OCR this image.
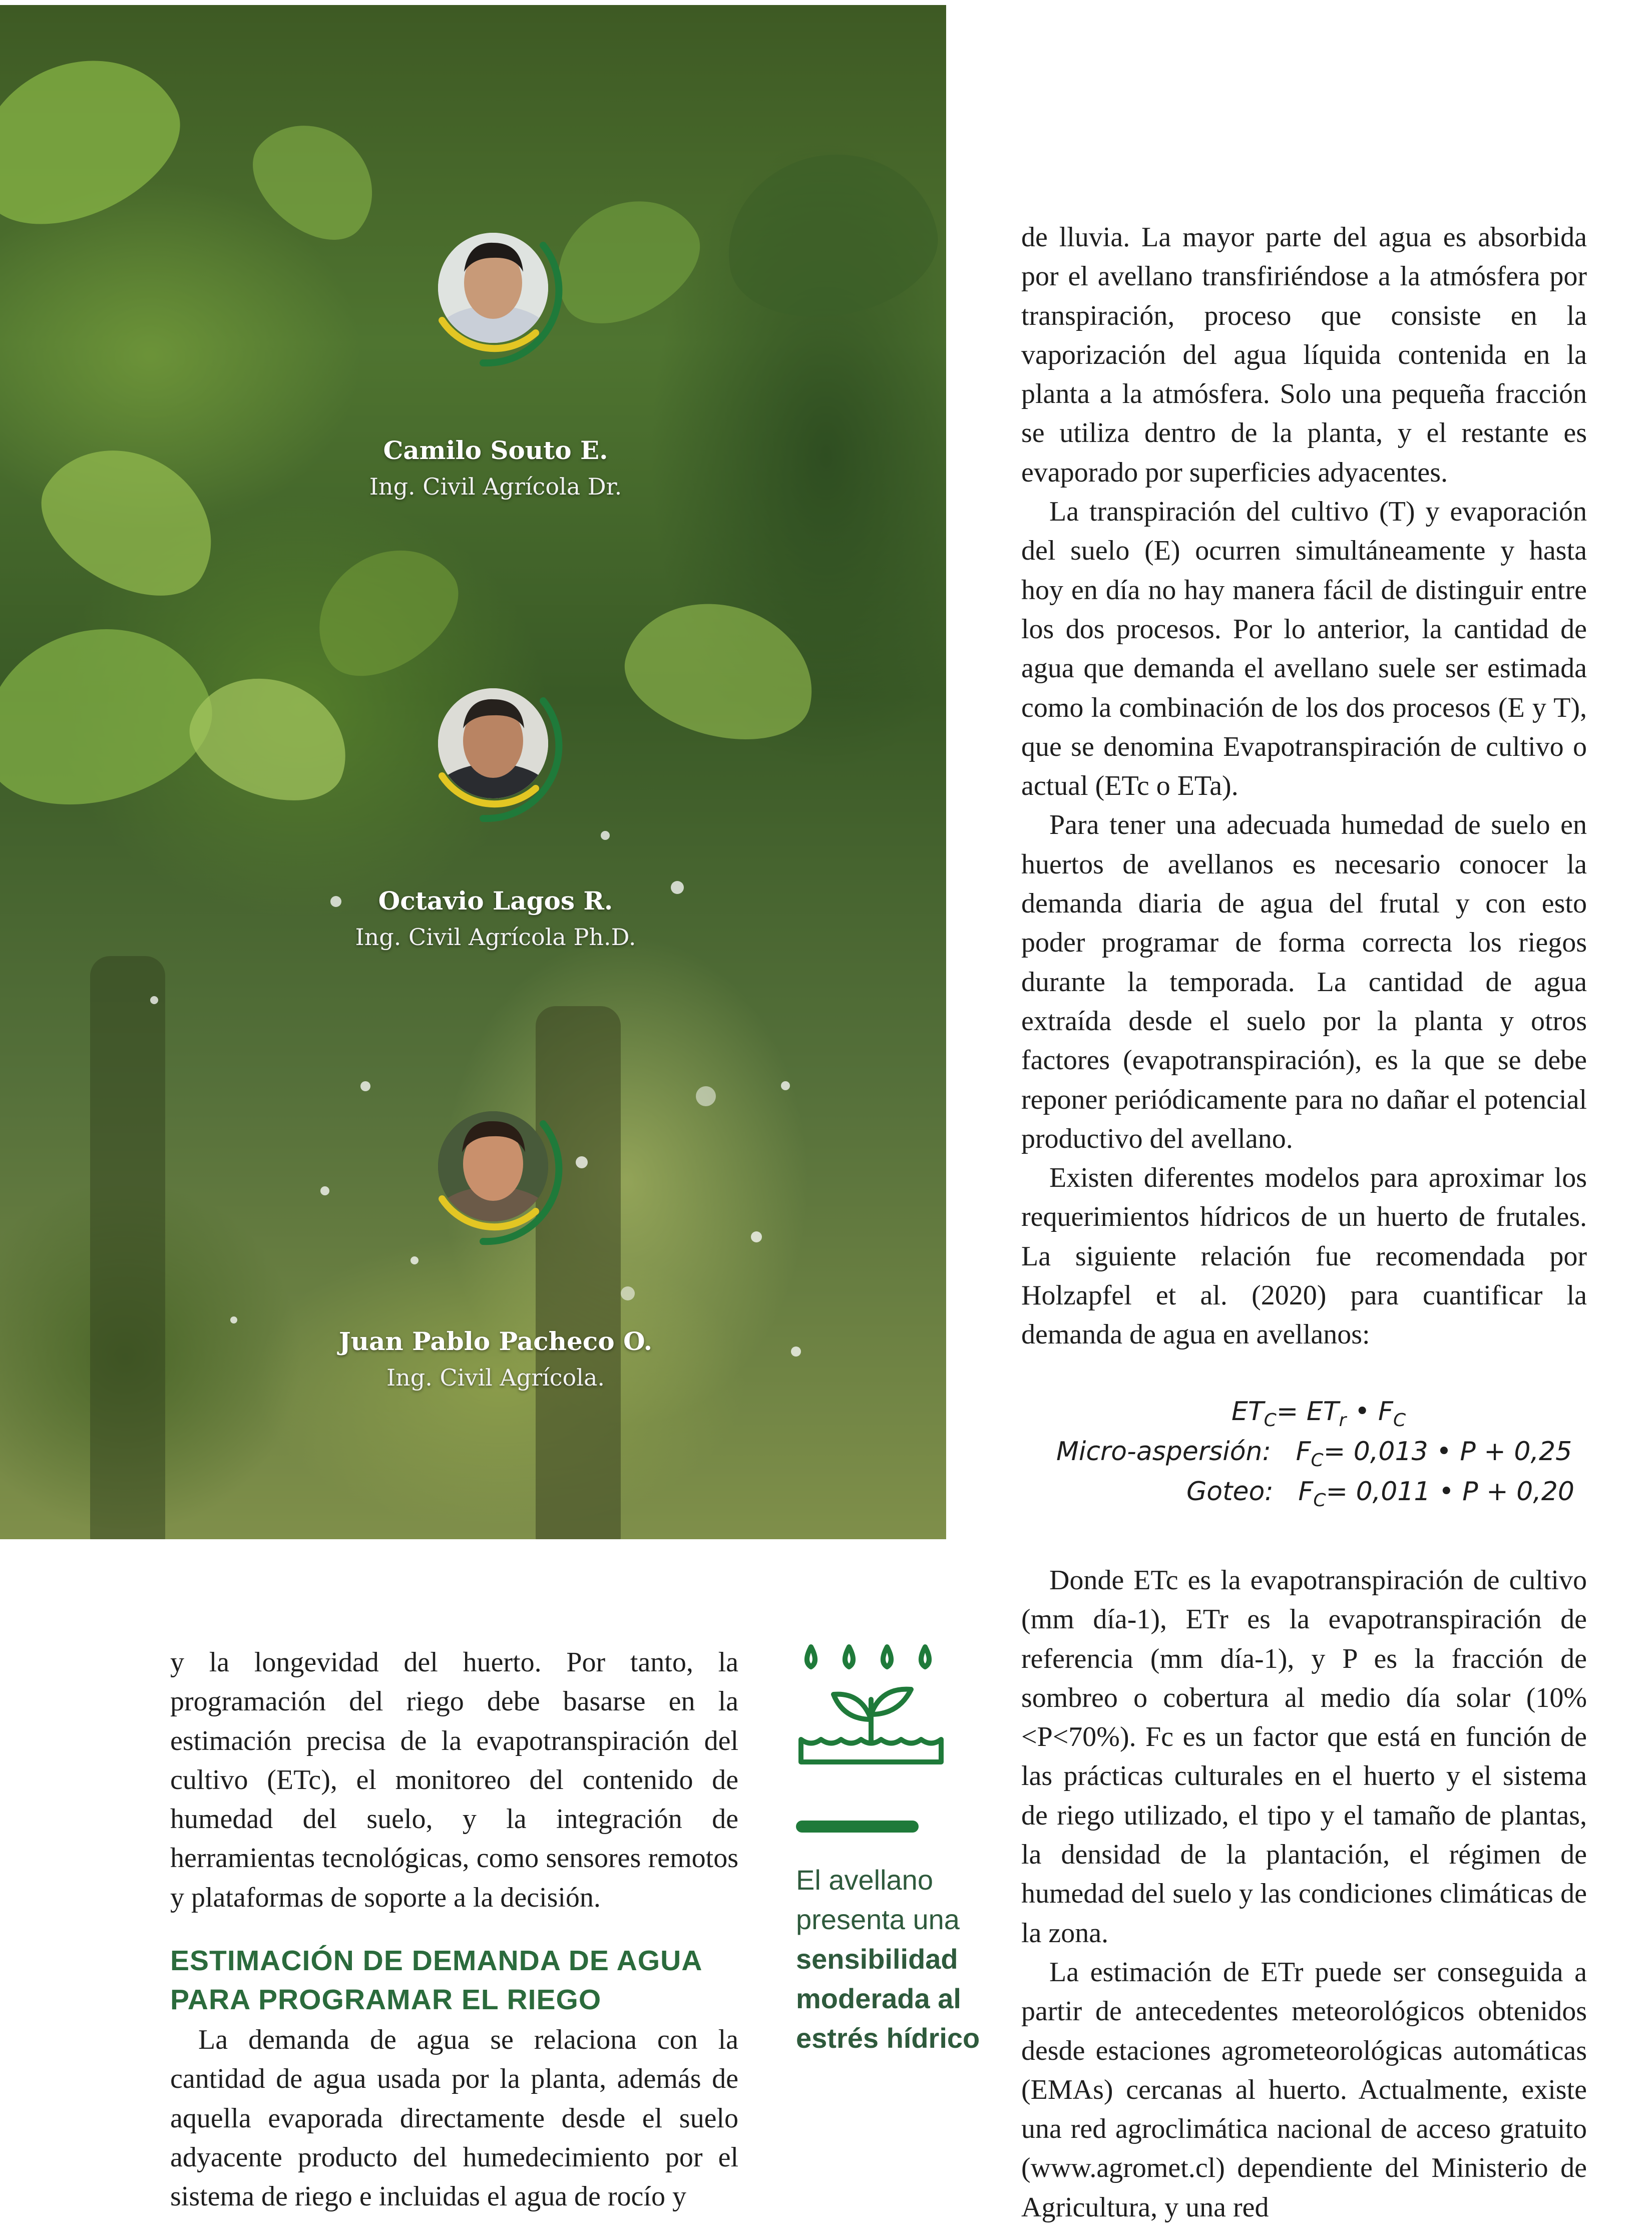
Camilo Souto E.
Ing. Civil Agrícola Dr.
Octavio Lagos R.
Ing. Civil Agrícola Ph.D.
Juan Pablo Pacheco O.
Ing. Civil Agrícola.

de lluvia. La mayor parte del agua es absorbida por el avellano transfiriéndose a la atmósfera por transpiración, proceso que consiste en la vaporización del agua líquida contenida en la planta a la atmósfera. Solo una pequeña fracción se utiliza dentro de la planta, y el restante es evaporado por superficies adyacentes.

La transpiración del cultivo (T) y evaporación del suelo (E) ocurren simultáneamente y hasta hoy en día no hay manera fácil de distinguir entre los dos procesos. Por lo anterior, la cantidad de agua que demanda el avellano suele ser estimada como la combinación de los dos procesos (E y T), que se denomina Evapotranspiración de cultivo o actual (ETc o ETa).

Para tener una adecuada humedad de suelo en huertos de avellanos es necesario conocer la demanda diaria de agua del frutal y con esto poder programar de forma correcta los riegos durante la temporada. La cantidad de agua extraída desde el suelo por la planta y otros factores (evapotranspiración), es la que se debe reponer periódicamente para no dañar el potencial productivo del avellano.

Existen diferentes modelos para aproximar los requerimientos hídricos de un huerto de frutales. La siguiente relación fue recomendada por Holzapfel et al. (2020) para cuantificar la demanda de agua en avellanos:

$ET_C= ET_r$ • $F_C$
Micro-aspersión: $F_C= 0,013$ • P + 0,25
Goteo: $F_C= 0,011$ • P + 0,20

Donde ETc es la evapotranspiración de cultivo (mm día-1), ETr es la evapotranspiración de referencia (mm día-1), y P es la fracción de sombreo o cobertura al medio día solar (10%<P<70%). Fc es un factor que está en función de las prácticas culturales en el huerto y el sistema de riego utilizado, el tipo y el tamaño de plantas, la densidad de la plantación, el régimen de humedad del suelo y las condiciones climáticas de la zona.

La estimación de ETr puede ser conseguida a partir de antecedentes meteorológicos obtenidos desde estaciones agrometeorológicas automáticas (EMAs) cercanas al huerto. Actualmente, existe una red agroclimática nacional de acceso gratuito (www.agromet.cl) dependiente del Ministerio de Agricultura, y una red

y la longevidad del huerto. Por tanto, la programación del riego debe basarse en la estimación precisa de la evapotranspiración del cultivo (ETc), el monitoreo del contenido de humedad del suelo, y la integración de herramientas tecnológicas, como sensores remotos y plataformas de soporte a la decisión.

ESTIMACIÓN DE DEMANDA DE AGUA PARA PROGRAMAR EL RIEGO

La demanda de agua se relaciona con la cantidad de agua usada por la planta, además de aquella evaporada directamente desde el suelo adyacente producto del humedecimiento por el sistema de riego e incluidas el agua de rocío y

El avellano presenta una sensibilidad moderada al estrés hídrico
